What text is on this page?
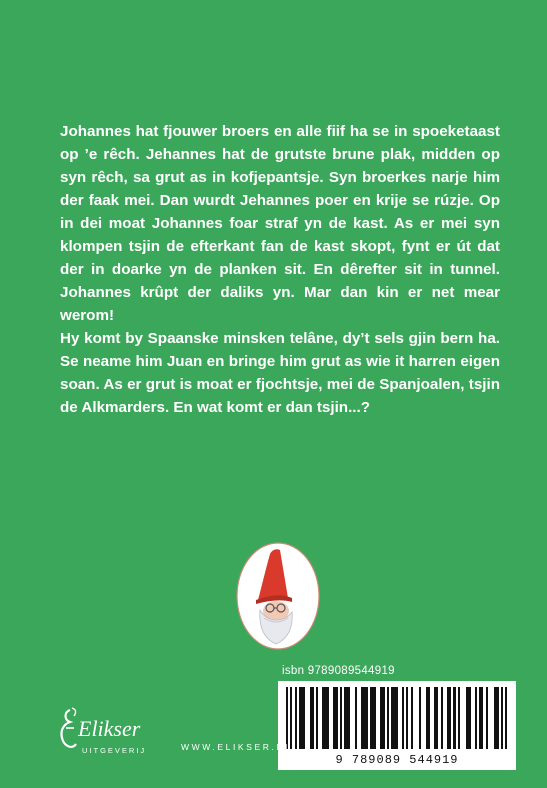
Johannes hat fjouwer broers en alle fiif ha se in spoeketaast op ’e rêch. Jehannes hat de grutste brune plak, midden op syn rêch, sa grut as in kofjepantsje. Syn broerkes narje him der faak mei. Dan wurdt Jehannes poer en krije se rúzje. Op in dei moat Johannes foar straf yn de kast. As er mei syn klompen tsjin de efterkant fan de kast skopt, fynt er út dat der in doarke yn de planken sit. En dêrefter sit in tunnel. Johannes krûpt der daliks yn. Mar dan kin er net mear werom!

Hy komt by Spaanske minsken telâne, dy’t sels gjin bern ha. Se neame him Juan en bringe him grut as wie it harren eigen soan. As er grut is moat er fjochtsje, mei de Spanjoalen, tsjin de Alkmarders. En wat komt er dan tsjin...?

isbn 9789089544919
9 789089 544919
Elikser
UITGEVERIJ	WWW.ELIKSER.NL
